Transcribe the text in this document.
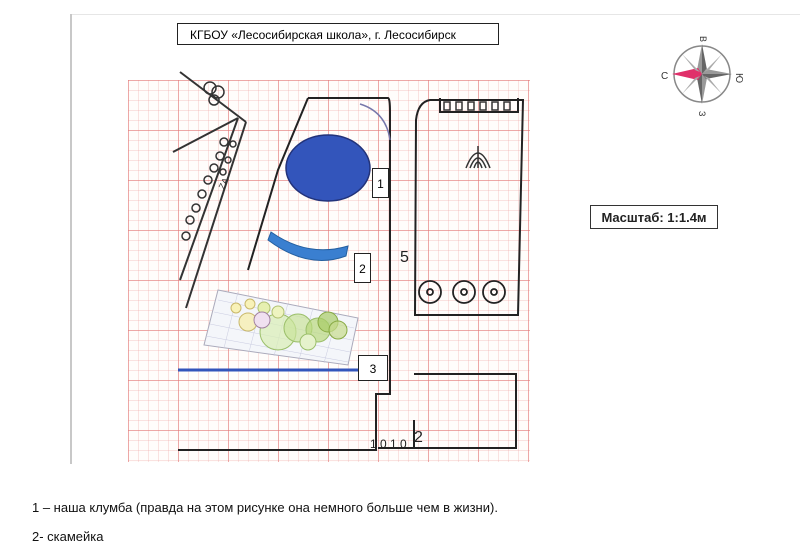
КГБОУ «Лесосибирская школа», г. Лесосибирск
ZA
5
1 0 1 0 2
1
2
3
Масштаб: 1:1.4м
С	Ю
В
З
1 – наша клумба (правда на этом рисунке она немного больше чем в жизни).
2- скамейка
